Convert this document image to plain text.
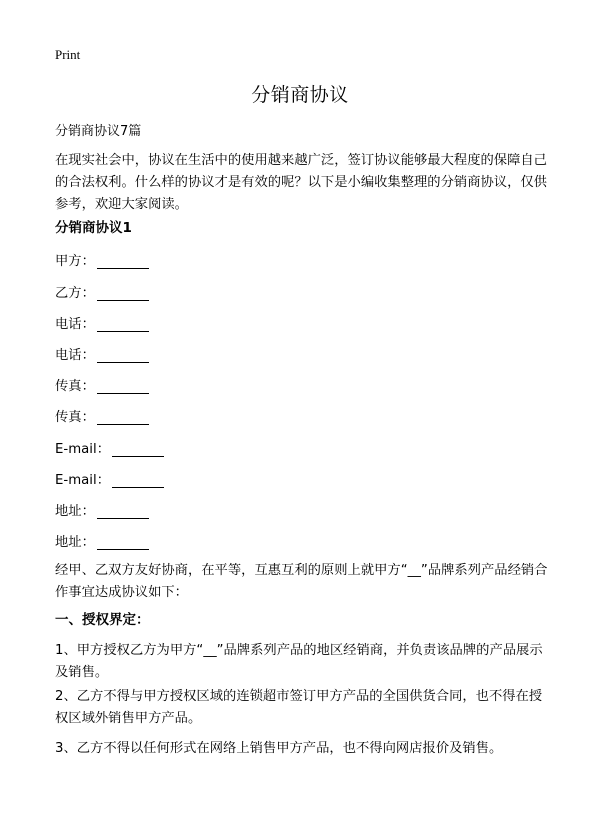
Print
分销商协议

分销商协议7篇

在现实社会中，协议在生活中的使用越来越广泛，签订协议能够最大程度的保障自己的合法权利。什么样的协议才是有效的呢？以下是小编收集整理的分销商协议，仅供参考，欢迎大家阅读。

分销商协议1
甲方：
乙方：
电话：
电话：
传真：
传真：
E-mail：
E-mail：
地址：
地址：

经甲、乙双方友好协商，在平等，互惠互利的原则上就甲方“__”品牌系列产品经销合作事宜达成协议如下：

一、授权界定：

1、甲方授权乙方为甲方“__”品牌系列产品的地区经销商，并负责该品牌的产品展示及销售。

2、乙方不得与甲方授权区域的连锁超市签订甲方产品的全国供货合同，也不得在授权区域外销售甲方产品。

3、乙方不得以任何形式在网络上销售甲方产品，也不得向网店报价及销售。
